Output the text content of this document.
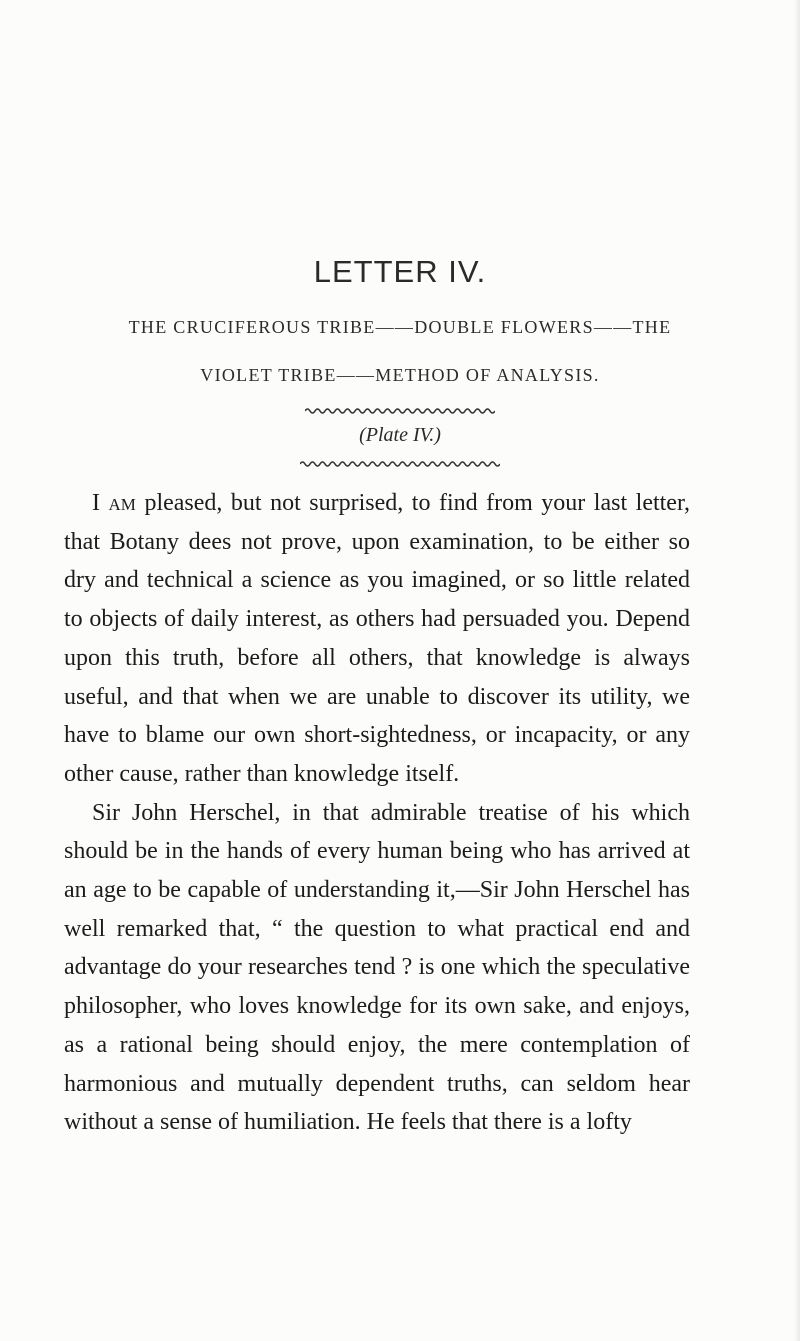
LETTER IV.
THE CRUCIFEROUS TRIBE——DOUBLE FLOWERS——THE
VIOLET TRIBE——METHOD OF ANALYSIS.
(Plate IV.)

I am pleased, but not surprised, to find from your last letter, that Botany dees not prove, upon examination, to be either so dry and technical a science as you imagined, or so little related to objects of daily interest, as others had persuaded you. Depend upon this truth, before all others, that knowledge is always useful, and that when we are unable to discover its utility, we have to blame our own short-sightedness, or incapacity, or any other cause, rather than knowledge itself.

Sir John Herschel, in that admirable treatise of his which should be in the hands of every human being who has arrived at an age to be capable of understanding it,—Sir John Herschel has well remarked that, “ the question to what practical end and advantage do your researches tend ? is one which the speculative philosopher, who loves knowledge for its own sake, and enjoys, as a rational being should enjoy, the mere contemplation of harmonious and mutually dependent truths, can seldom hear without a sense of humiliation. He feels that there is a lofty
